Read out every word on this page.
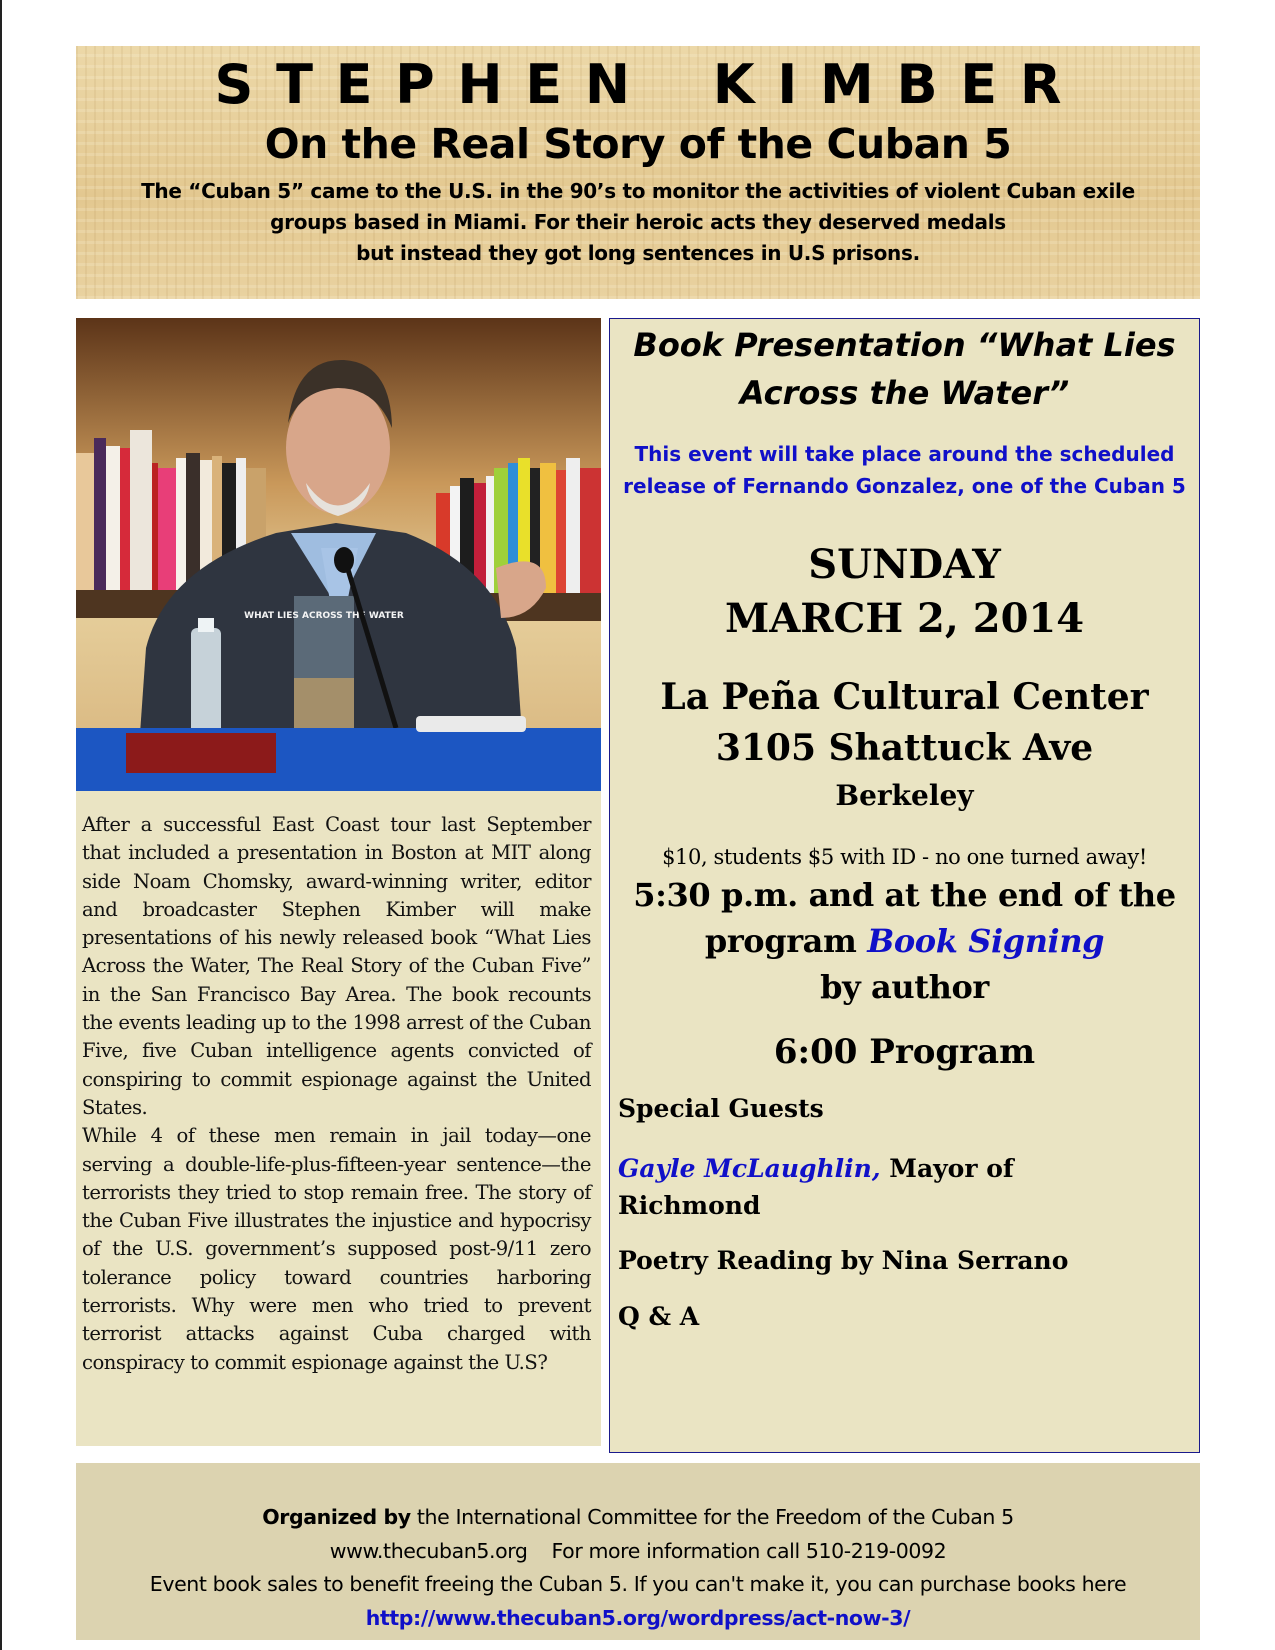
STEPHEN KIMBER
On the Real Story of the Cuban 5
The “Cuban 5” came to the U.S. in the 90’s to monitor the activities of violent Cuban exile
groups based in Miami. For their heroic acts they deserved medals
but instead they got long sentences in U.S prisons.
WHAT LIES ACROSS THE WATER

After a successful East Coast tour last September that included a presentation in Boston at MIT along side Noam Chomsky, award-winning writer, editor and broadcaster Stephen Kimber will make presentations of his newly released book “What Lies Across the Water, The Real Story of the Cuban Five” in the San Francisco Bay Area. The book recounts the events leading up to the 1998 arrest of the Cuban Five, five Cuban intelligence agents convicted of conspiring to commit espionage against the United States.

While 4 of these men remain in jail today—one serving a double-life-plus-fifteen-year sentence—the terrorists they tried to stop remain free. The story of the Cuban Five illustrates the injustice and hypocrisy of the U.S. government’s supposed post-9/11 zero tolerance policy toward countries harboring terrorists. Why were men who tried to prevent terrorist attacks against Cuba charged with conspiracy to commit espionage against the U.S?

Book Presentation “What Lies
Across the Water”
This event will take place around the scheduled release of Fernando Gonzalez, one of the Cuban 5
SUNDAY
MARCH 2, 2014
La Peña Cultural Center
3105 Shattuck Ave
Berkeley
$10, students $5 with ID - no one turned away!
5:30 p.m. and at the end of the
program Book Signing
by author
6:00 Program
Special Guests
Gayle McLaughlin, Mayor of
Richmond
Poetry Reading by Nina Serrano
Q & A
Organized by the International Committee for the Freedom of the Cuban 5
www.thecuban5.org For more information call 510-219-0092
Event book sales to benefit freeing the Cuban 5. If you can't make it, you can purchase books here
http://www.thecuban5.org/wordpress/act-now-3/
